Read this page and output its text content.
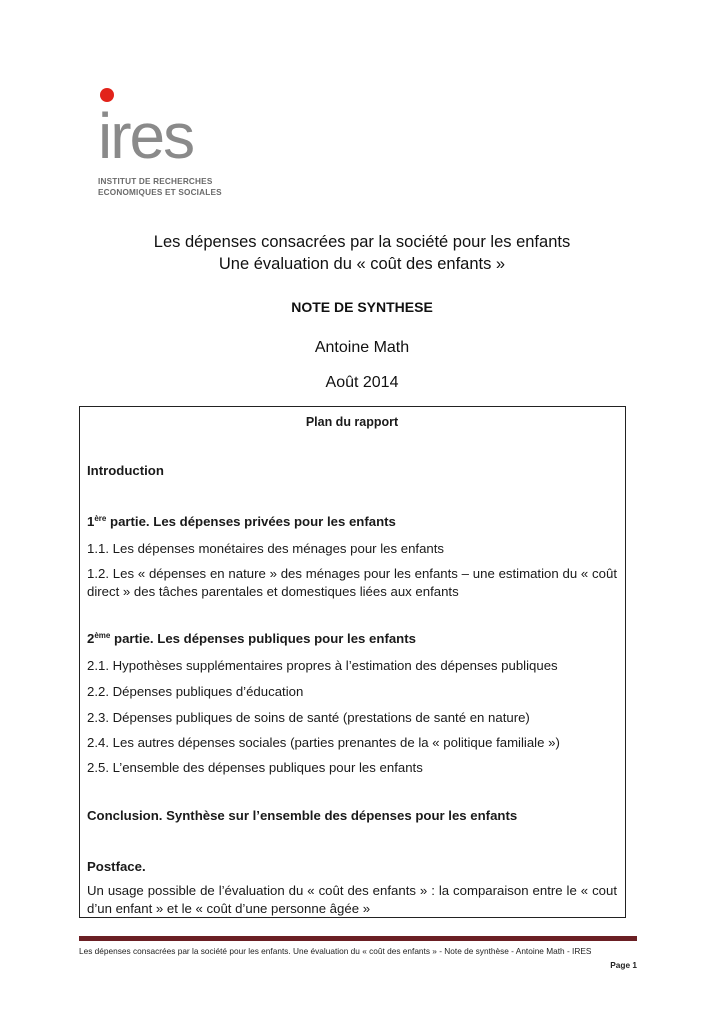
ires
INSTITUT DE RECHERCHES
ECONOMIQUES ET SOCIALES
Les dépenses consacrées par la société pour les enfants
Une évaluation du « coût des enfants »
NOTE DE SYNTHESE
Antoine Math
Août 2014
Plan du rapport
Introduction
1ère partie. Les dépenses privées pour les enfants
1.1. Les dépenses monétaires des ménages pour les enfants
1.2. Les « dépenses en nature » des ménages pour les enfants – une estimation du « coût direct » des tâches parentales et domestiques liées aux enfants
2ème partie. Les dépenses publiques pour les enfants
2.1. Hypothèses supplémentaires propres à l’estimation des dépenses publiques
2.2. Dépenses publiques d’éducation
2.3. Dépenses publiques de soins de santé (prestations de santé en nature)
2.4. Les autres dépenses sociales (parties prenantes de la « politique familiale »)
2.5. L’ensemble des dépenses publiques pour les enfants
Conclusion. Synthèse sur l’ensemble des dépenses pour les enfants
Postface.
Un usage possible de l’évaluation du « coût des enfants » : la comparaison entre le « cout d’un enfant » et le « coût d’une personne âgée »
Les dépenses consacrées par la société pour les enfants. Une évaluation du « coût des enfants » - Note de synthèse - Antoine Math - IRES
Page 1
